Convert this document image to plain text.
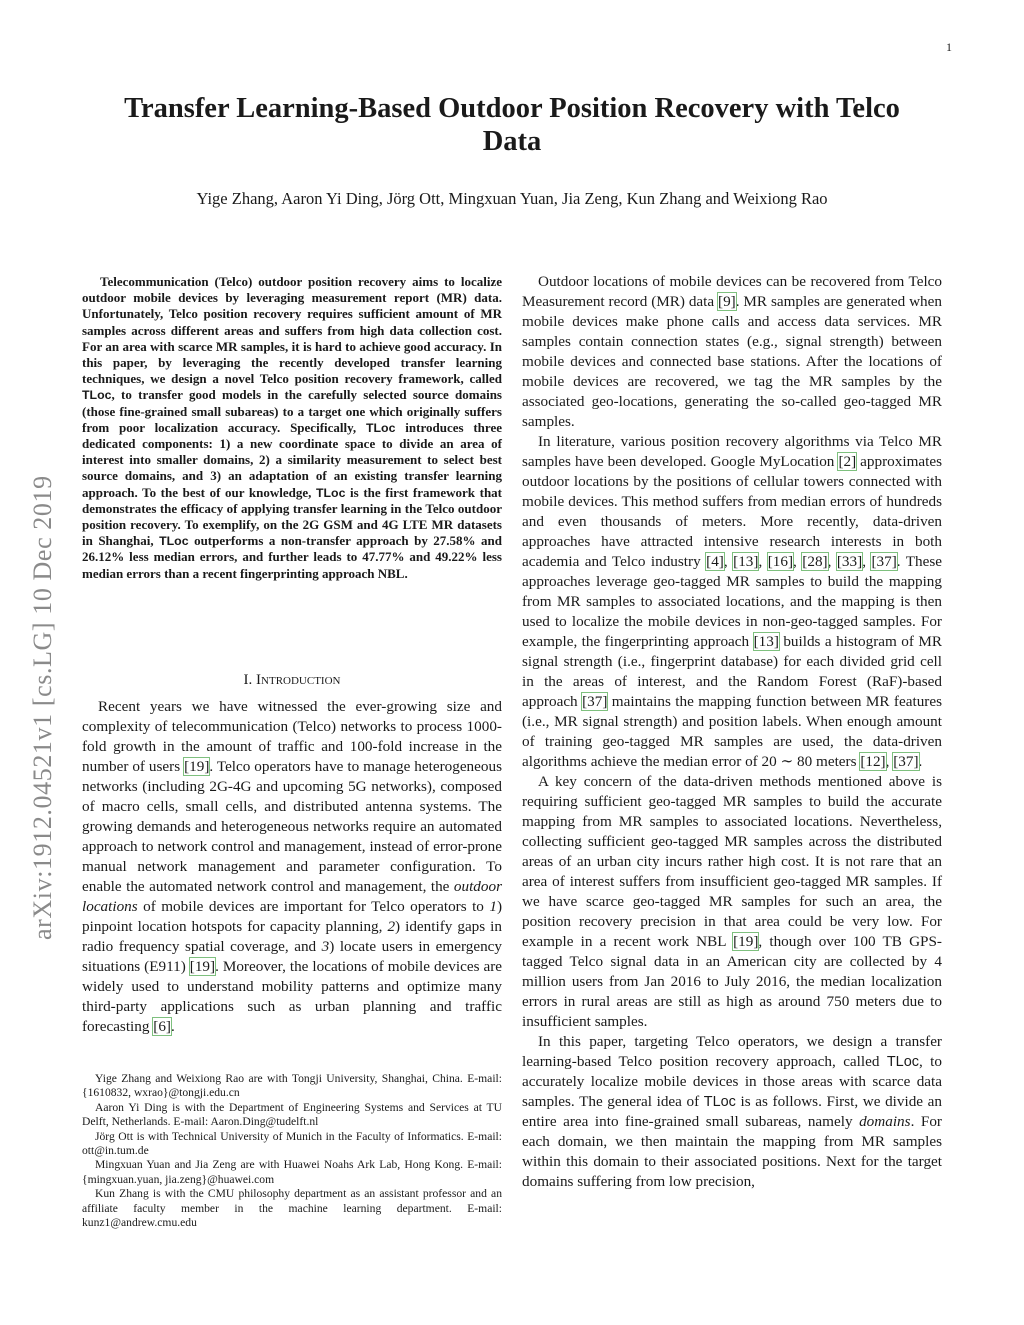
1
Transfer Learning-Based Outdoor Position Recovery with Telco Data
Yige Zhang, Aaron Yi Ding, Jörg Ott, Mingxuan Yuan, Jia Zeng, Kun Zhang and Weixiong Rao
arXiv:1912.04521v1 [cs.LG] 10 Dec 2019

Telecommunication (Telco) outdoor position recovery aims to localize outdoor mobile devices by leveraging measurement report (MR) data. Unfortunately, Telco position recovery requires sufficient amount of MR samples across different areas and suffers from high data collection cost. For an area with scarce MR samples, it is hard to achieve good accuracy. In this paper, by leveraging the recently developed transfer learning techniques, we design a novel Telco position recovery framework, called TLoc, to transfer good models in the carefully selected source domains (those fine-grained small subareas) to a target one which originally suffers from poor localization accuracy. Specifically, TLoc introduces three dedicated components: 1) a new coordinate space to divide an area of interest into smaller domains, 2) a similarity measurement to select best source domains, and 3) an adaptation of an existing transfer learning approach. To the best of our knowledge, TLoc is the first framework that demonstrates the efficacy of applying transfer learning in the Telco outdoor position recovery. To exemplify, on the 2G GSM and 4G LTE MR datasets in Shanghai, TLoc outperforms a non-transfer approach by 27.58% and 26.12% less median errors, and further leads to 47.77% and 49.22% less median errors than a recent fingerprinting approach NBL.

I. Introduction

Recent years we have witnessed the ever-growing size and complexity of telecommunication (Telco) networks to process 1000-fold growth in the amount of traffic and 100-fold increase in the number of users [19]. Telco operators have to manage heterogeneous networks (including 2G-4G and upcoming 5G networks), composed of macro cells, small cells, and distributed antenna systems. The growing demands and heterogeneous networks require an automated approach to network control and management, instead of error-prone manual network management and parameter configuration. To enable the automated network control and management, the outdoor locations of mobile devices are important for Telco operators to 1) pinpoint location hotspots for capacity planning, 2) identify gaps in radio frequency spatial coverage, and 3) locate users in emergency situations (E911) [19]. Moreover, the locations of mobile devices are widely used to understand mobility patterns and optimize many third-party applications such as urban planning and traffic forecasting [6].

Yige Zhang and Weixiong Rao are with Tongji University, Shanghai, China. E-mail: {1610832, wxrao}@tongji.edu.cn

Aaron Yi Ding is with the Department of Engineering Systems and Services at TU Delft, Netherlands. E-mail: Aaron.Ding@tudelft.nl

Jörg Ott is with Technical University of Munich in the Faculty of Informatics. E-mail: ott@in.tum.de

Mingxuan Yuan and Jia Zeng are with Huawei Noahs Ark Lab, Hong Kong. E-mail: {mingxuan.yuan, jia.zeng}@huawei.com

Kun Zhang is with the CMU philosophy department as an assistant professor and an affiliate faculty member in the machine learning department. E-mail: kunz1@andrew.cmu.edu

Outdoor locations of mobile devices can be recovered from Telco Measurement record (MR) data [9]. MR samples are generated when mobile devices make phone calls and access data services. MR samples contain connection states (e.g., signal strength) between mobile devices and connected base stations. After the locations of mobile devices are recovered, we tag the MR samples by the associated geo-locations, generating the so-called geo-tagged MR samples.

In literature, various position recovery algorithms via Telco MR samples have been developed. Google MyLocation [2] approximates outdoor locations by the positions of cellular towers connected with mobile devices. This method suffers from median errors of hundreds and even thousands of meters. More recently, data-driven approaches have attracted intensive research interests in both academia and Telco industry [4], [13], [16], [28], [33], [37]. These approaches leverage geo-tagged MR samples to build the mapping from MR samples to associated locations, and the mapping is then used to localize the mobile devices in non-geo-tagged samples. For example, the fingerprinting approach [13] builds a histogram of MR signal strength (i.e., fingerprint database) for each divided grid cell in the areas of interest, and the Random Forest (RaF)-based approach [37] maintains the mapping function between MR features (i.e., MR signal strength) and position labels. When enough amount of training geo-tagged MR samples are used, the data-driven algorithms achieve the median error of 20 ∼ 80 meters [12], [37].

A key concern of the data-driven methods mentioned above is requiring sufficient geo-tagged MR samples to build the accurate mapping from MR samples to associated locations. Nevertheless, collecting sufficient geo-tagged MR samples across the distributed areas of an urban city incurs rather high cost. It is not rare that an area of interest suffers from insufficient geo-tagged MR samples. If we have scarce geo-tagged MR samples for such an area, the position recovery precision in that area could be very low. For example in a recent work NBL [19], though over 100 TB GPS-tagged Telco signal data in an American city are collected by 4 million users from Jan 2016 to July 2016, the median localization errors in rural areas are still as high as around 750 meters due to insufficient samples.

In this paper, targeting Telco operators, we design a transfer learning-based Telco position recovery approach, called TLoc, to accurately localize mobile devices in those areas with scarce data samples. The general idea of TLoc is as follows. First, we divide an entire area into fine-grained small subareas, namely domains. For each domain, we then maintain the mapping from MR samples within this domain to their associated positions. Next for the target domains suffering from low precision,
